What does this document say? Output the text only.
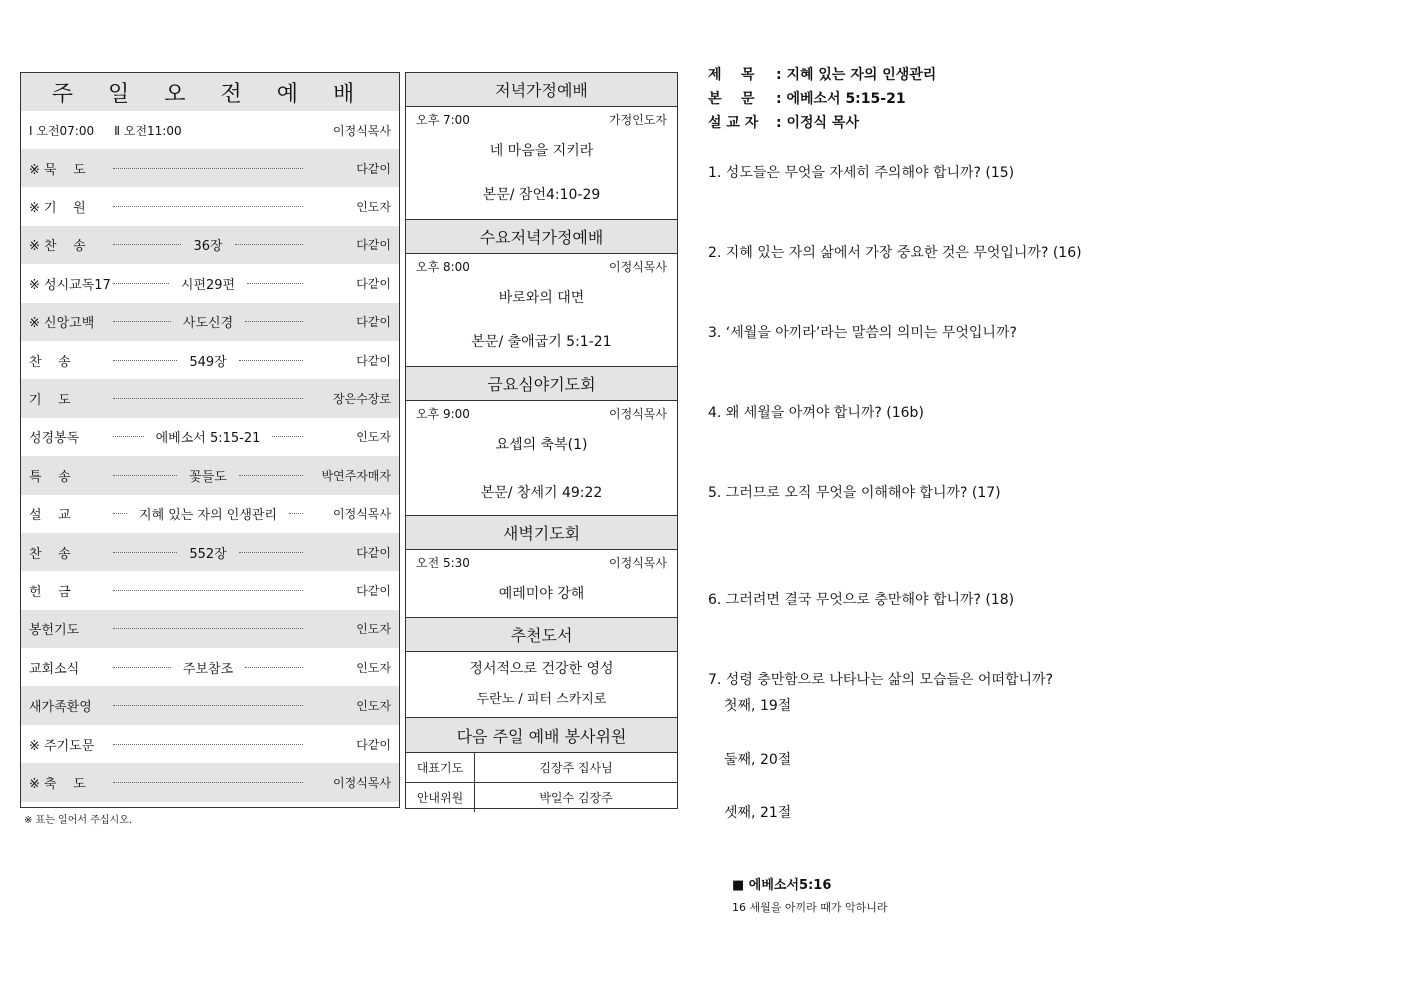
주 일 오 전 예 배
Ⅰ 오전07:00 Ⅱ 오전11:00	이정식목사
※ 묵    도	다같이
※ 기    원	인도자
※ 찬    송	36장	다같이
※ 성시교독17	시편29편	다같이
※ 신앙고백	사도신경	다같이
찬    송	549장	다같이
기    도	장은수장로
성경봉독	에베소서 5:15-21	인도자
특    송	꽃들도	박연주자매자
설    교	지혜 있는 자의 인생관리	이정식목사
찬    송	552장	다같이
헌    금	다같이
봉헌기도	인도자
교회소식	주보참조	인도자
새가족환영	인도자
※ 주기도문	다같이
※ 축    도	이정식목사
※ 표는 일어서 주십시오.
저녁가정예배
오후 7:00	가정인도자
네 마음을 지키라
본문/ 잠언4:10-29
수요저녁가정예배
오후 8:00	이정식목사
바로와의 대면
본문/ 출애굽기 5:1-21
금요심야기도회
오후 9:00	이정식목사
요셉의 축복(1)
본문/ 창세기 49:22
새벽기도회
오전 5:30	이정식목사
예레미야 강해
추천도서
정서적으로 건강한 영성
두란노 / 피터 스카지로
다음 주일 예배 봉사위원
대표기도	김장주 집사님
안내위원	박일수 김장주
제    목	: 지혜 있는 자의 인생관리
본    문	: 에베소서 5:15-21
설 교 자	: 이정식 목사
1. 성도들은 무엇을 자세히 주의해야 합니까? (15)
2. 지혜 있는 자의 삶에서 가장 중요한 것은 무엇입니까? (16)
3. ‘세월을 아끼라’라는 말씀의 의미는 무엇입니까?
4. 왜 세월을 아껴야 합니까? (16b)
5. 그러므로 오직 무엇을 이해해야 합니까? (17)
6. 그러려면 결국 무엇으로 충만해야 합니까? (18)
7. 성령 충만함으로 나타나는 삶의 모습들은 어떠합니까?
첫째, 19절
둘째, 20절
셋째, 21절
■ 에베소서5:16
16 세월을 아끼라 때가 악하니라
